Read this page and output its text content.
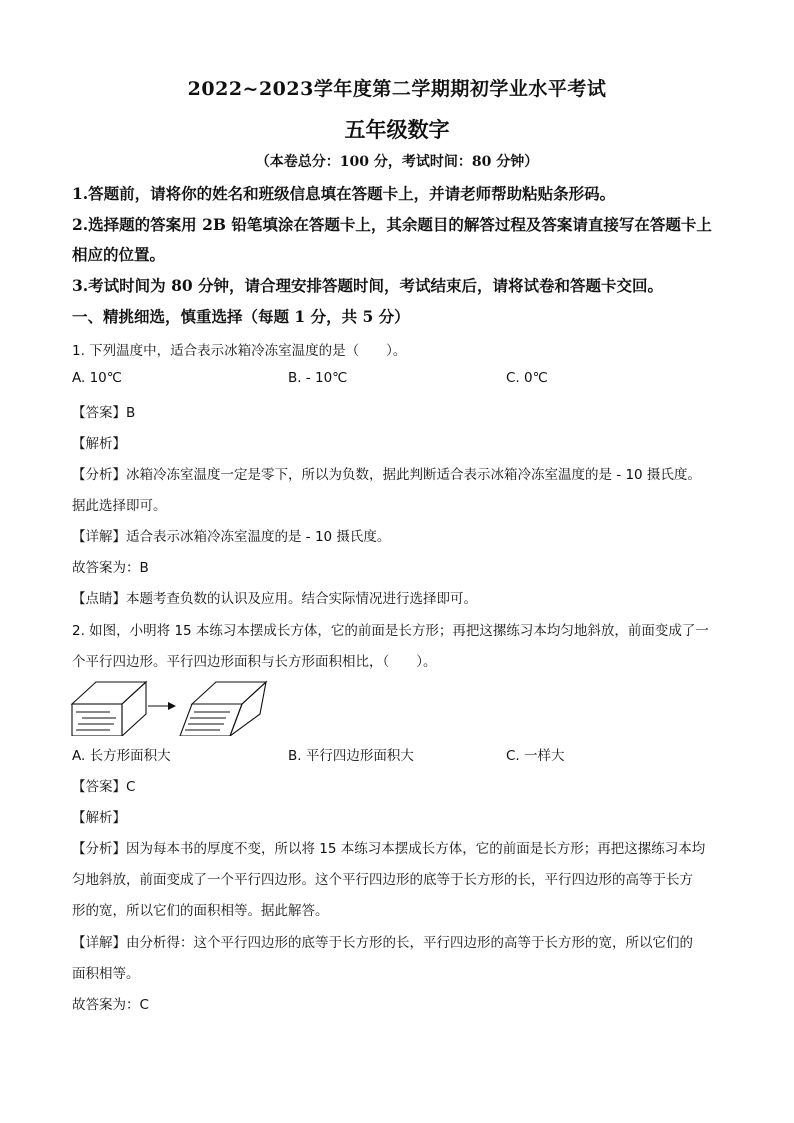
2022~2023学年度第二学期期初学业水平考试
五年级数字
（本卷总分：100 分，考试时间：80 分钟）
1.答题前，请将你的姓名和班级信息填在答题卡上，并请老师帮助粘贴条形码。
2.选择题的答案用 2B 铅笔填涂在答题卡上，其余题目的解答过程及答案请直接写在答题卡上
相应的位置。
3.考试时间为 80 分钟，请合理安排答题时间，考试结束后，请将试卷和答题卡交回。
一、精挑细选，慎重选择（每题 1 分，共 5 分）
1. 下列温度中，适合表示冰箱冷冻室温度的是（　　）。
A. 10℃	B. - 10℃	C. 0℃
【答案】B
【解析】
【分析】冰箱冷冻室温度一定是零下，所以为负数，据此判断适合表示冰箱冷冻室温度的是 - 10 摄氏度。
据此选择即可。
【详解】适合表示冰箱冷冻室温度的是 - 10 摄氏度。
故答案为：B
【点睛】本题考查负数的认识及应用。结合实际情况进行选择即可。
2. 如图，小明将 15 本练习本摆成长方体，它的前面是长方形；再把这摞练习本均匀地斜放，前面变成了一
个平行四边形。平行四边形面积与长方形面积相比，（　　）。
A. 长方形面积大	B. 平行四边形面积大	C. 一样大
【答案】C
【解析】
【分析】因为每本书的厚度不变，所以将 15 本练习本摆成长方体，它的前面是长方形；再把这摞练习本均
匀地斜放，前面变成了一个平行四边形。这个平行四边形的底等于长方形的长，平行四边形的高等于长方
形的宽，所以它们的面积相等。据此解答。
【详解】由分析得：这个平行四边形的底等于长方形的长，平行四边形的高等于长方形的宽，所以它们的
面积相等。
故答案为：C
